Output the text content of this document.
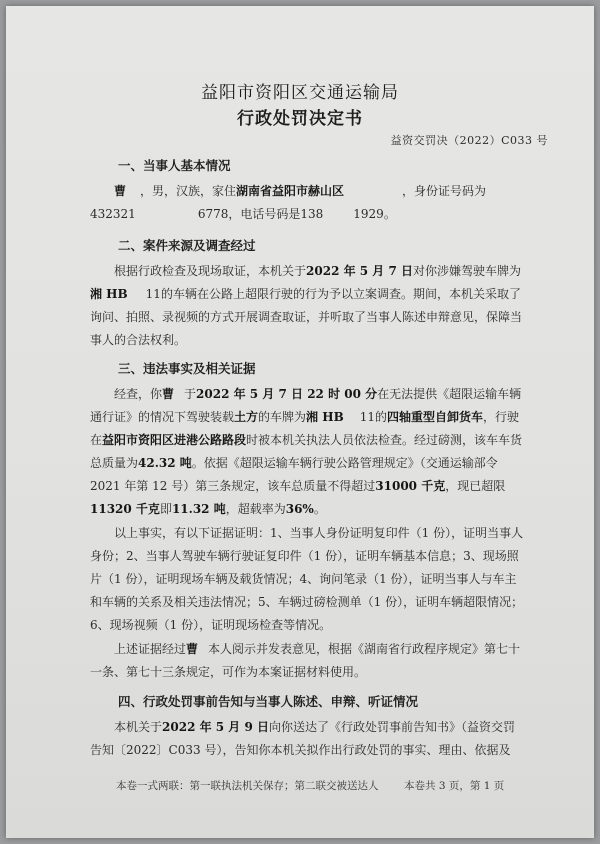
益阳市资阳区交通运输局
行政处罚决定书
益资交罚决（2022）C033 号
一、当事人基本情况
曹 ，男，汉族，家住湖南省益阳市赫山区	，身份证号码为
432321	6778，电话号码是138	1929。
二、案件来源及调查经过
根据行政检查及现场取证，本机关于2022 年 5 月 7 日对你涉嫌驾驶车牌为湘 HB 11的车辆在公路上超限行驶的行为予以立案调查。期间，本机关采取了询问、拍照、录视频的方式开展调查取证，并听取了当事人陈述申辩意见，保障当事人的合法权利。
三、违法事实及相关证据
经查，你曹 于2022 年 5 月 7 日 22 时 00 分在无法提供《超限运输车辆通行证》的情况下驾驶装载土方的车牌为湘 HB 11的四轴重型自卸货车，行驶在益阳市资阳区进港公路路段时被本机关执法人员依法检查。经过磅测，该车车货总质量为42.32 吨。依据《超限运输车辆行驶公路管理规定》（交通运输部令 2021 年第 12 号）第三条规定，该车总质量不得超过31000 千克，现已超限11320 千克即11.32 吨，超载率为36%。
以上事实，有以下证据证明：1、当事人身份证明复印件（1 份），证明当事人身份；2、当事人驾驶车辆行驶证复印件（1 份），证明车辆基本信息；3、现场照片（1 份），证明现场车辆及载货情况；4、询问笔录（1 份），证明当事人与车主和车辆的关系及相关违法情况；5、车辆过磅检测单（1 份），证明车辆超限情况；6、现场视频（1 份），证明现场检查等情况。
上述证据经过曹 本人阅示并发表意见，根据《湖南省行政程序规定》第七十一条、第七十三条规定，可作为本案证据材料使用。
四、行政处罚事前告知与当事人陈述、申辩、听证情况
本机关于2022 年 5 月 9 日向你送达了《行政处罚事前告知书》（益资交罚告知〔2022〕C033 号），告知你本机关拟作出行政处罚的事实、理由、依据及
本卷一式两联：第一联执法机关保存；第二联交被送达人 本卷共 3 页，第 1 页
